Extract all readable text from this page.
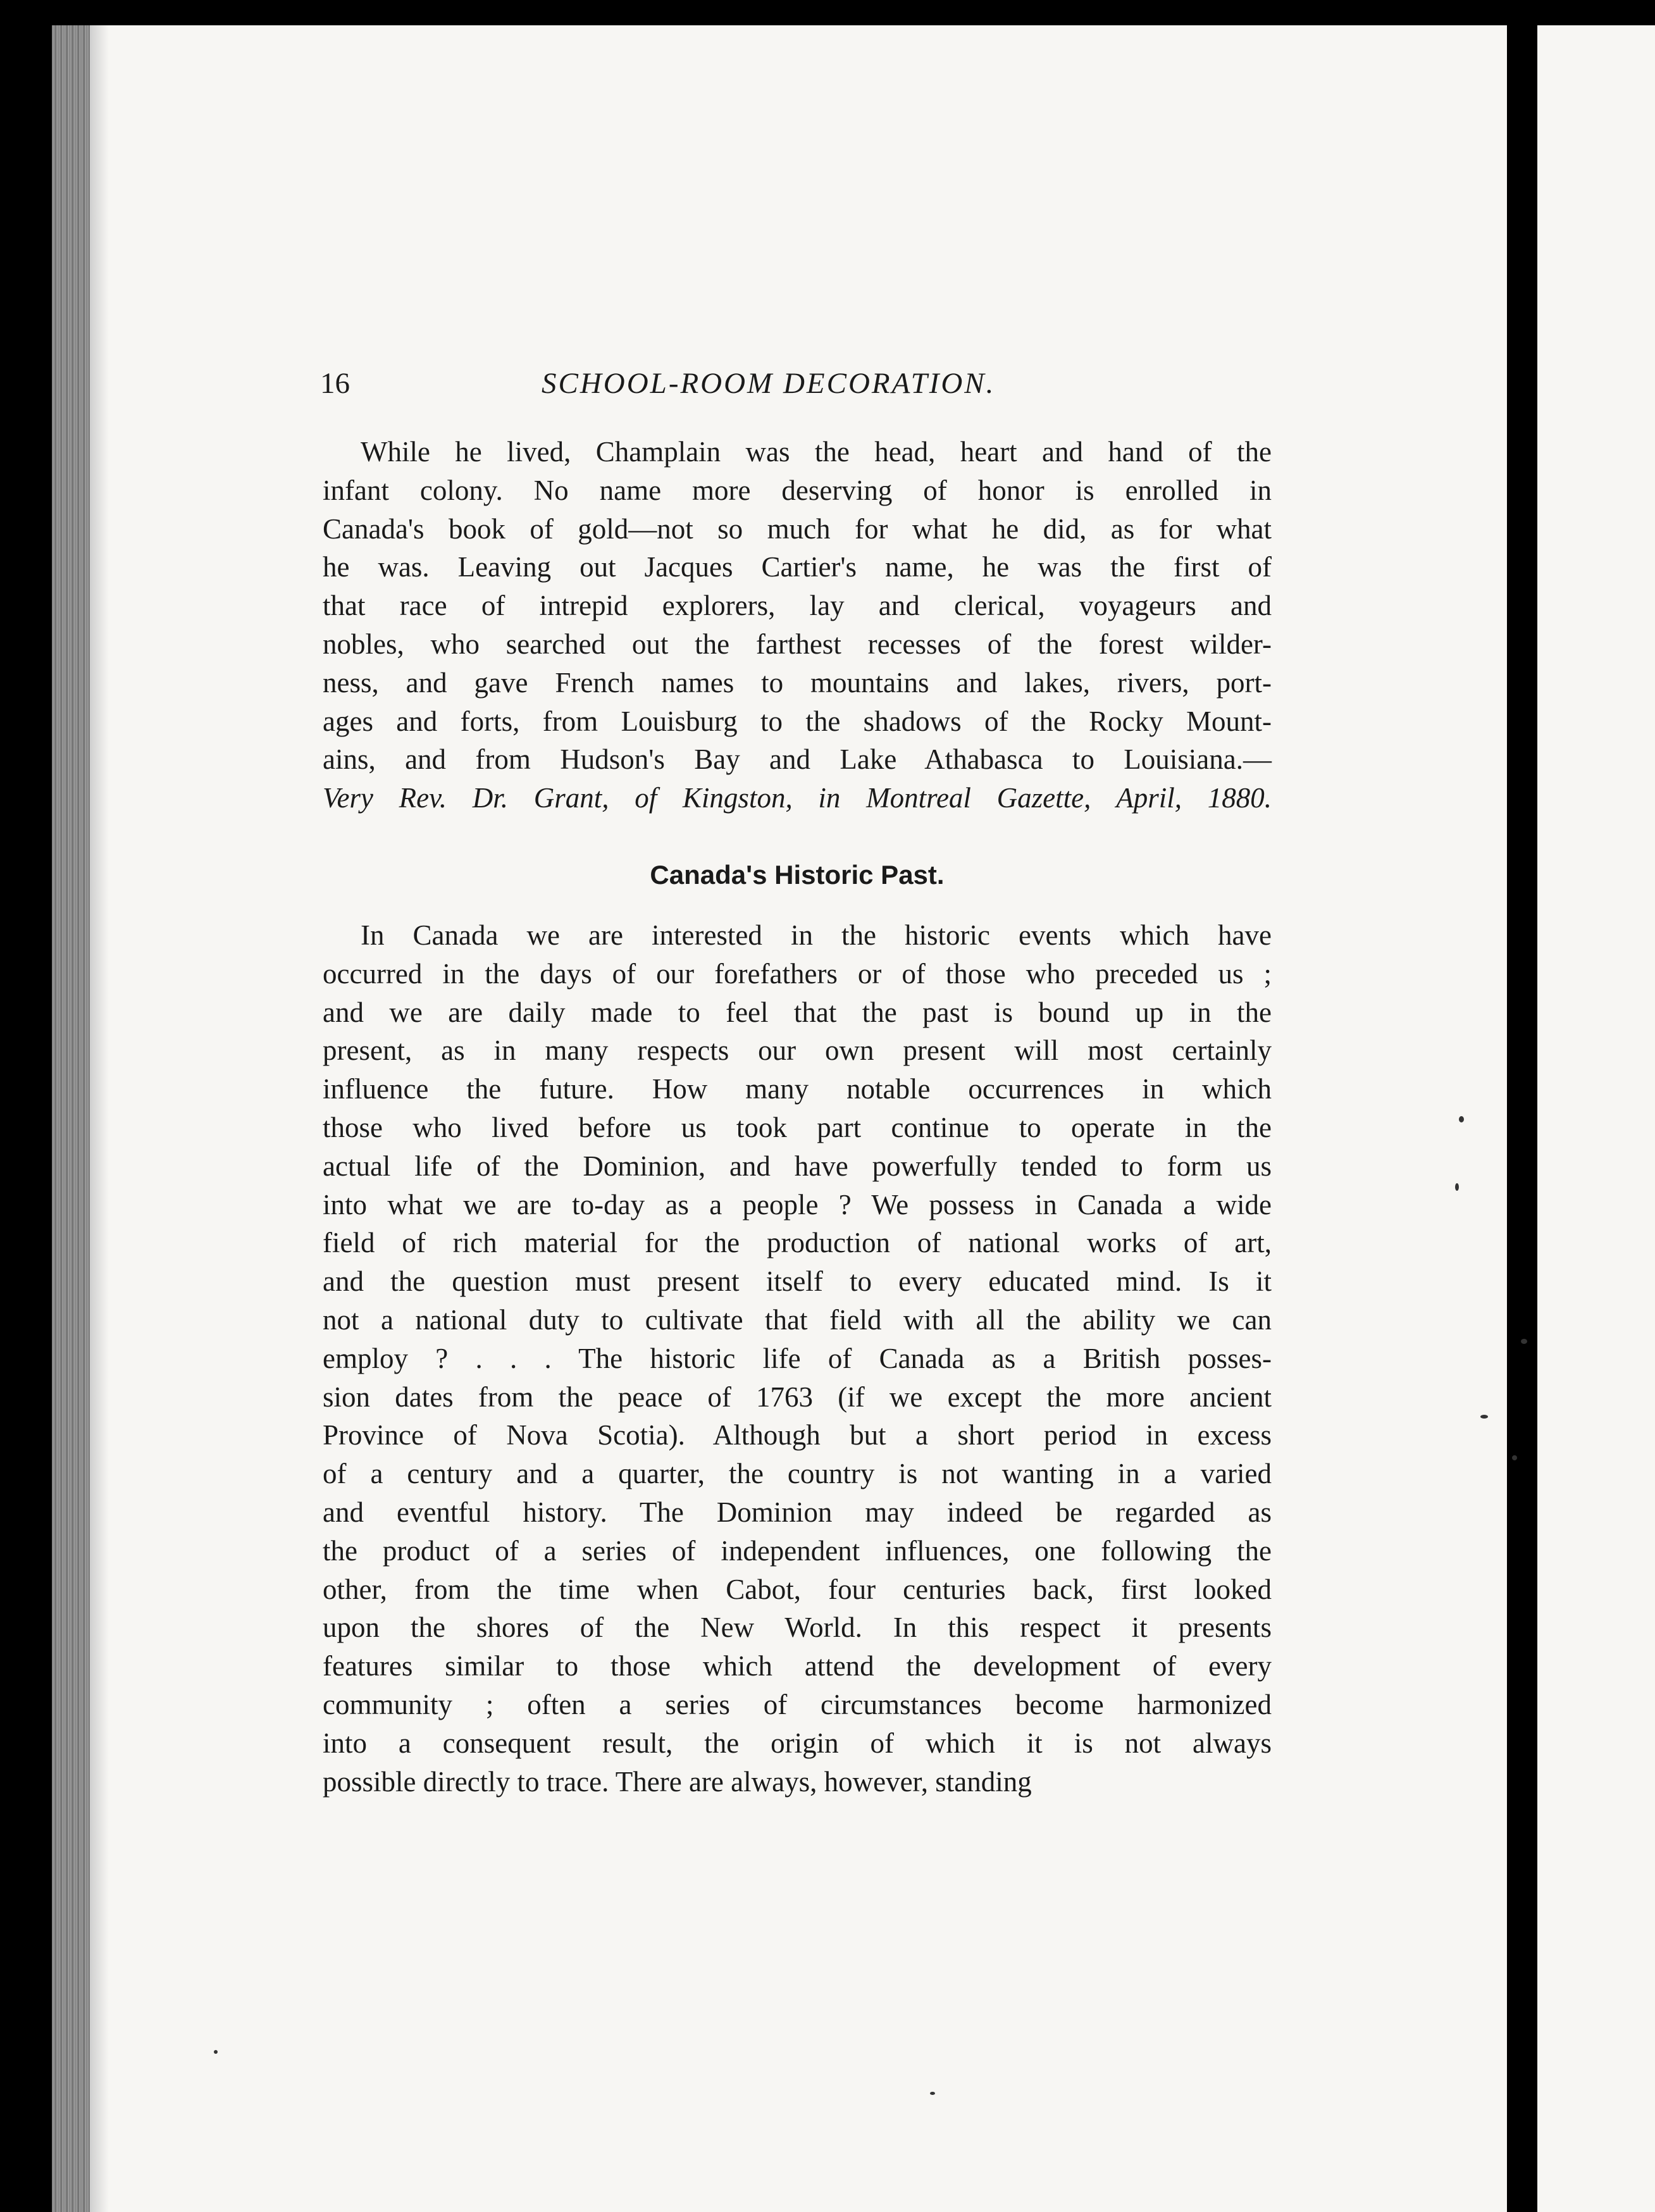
16	SCHOOL-ROOM DECORATION.
While he lived, Champlain was the head, heart and hand of the
infant colony. No name more deserving of honor is enrolled in
Canada's book of gold—not so much for what he did, as for what
he was. Leaving out Jacques Cartier's name, he was the first of
that race of intrepid explorers, lay and clerical, voyageurs and
nobles, who searched out the farthest recesses of the forest wilder-
ness, and gave French names to mountains and lakes, rivers, port-
ages and forts, from Louisburg to the shadows of the Rocky Mount-
ains, and from Hudson's Bay and Lake Athabasca to Louisiana.—
Very Rev. Dr. Grant, of Kingston, in Montreal Gazette, April, 1880.
Canada's Historic Past.
In Canada we are interested in the historic events which have
occurred in the days of our forefathers or of those who preceded us ;
and we are daily made to feel that the past is bound up in the
present, as in many respects our own present will most certainly
influence the future. How many notable occurrences in which
those who lived before us took part continue to operate in the
actual life of the Dominion, and have powerfully tended to form us
into what we are to-day as a people ? We possess in Canada a wide
field of rich material for the production of national works of art,
and the question must present itself to every educated mind. Is it
not a national duty to cultivate that field with all the ability we can
employ ? . . . The historic life of Canada as a British posses-
sion dates from the peace of 1763 (if we except the more ancient
Province of Nova Scotia). Although but a short period in excess
of a century and a quarter, the country is not wanting in a varied
and eventful history. The Dominion may indeed be regarded as
the product of a series of independent influences, one following the
other, from the time when Cabot, four centuries back, first looked
upon the shores of the New World. In this respect it presents
features similar to those which attend the development of every
community ; often a series of circumstances become harmonized
into a consequent result, the origin of which it is not always
possible directly to trace. There are always, however, standing
